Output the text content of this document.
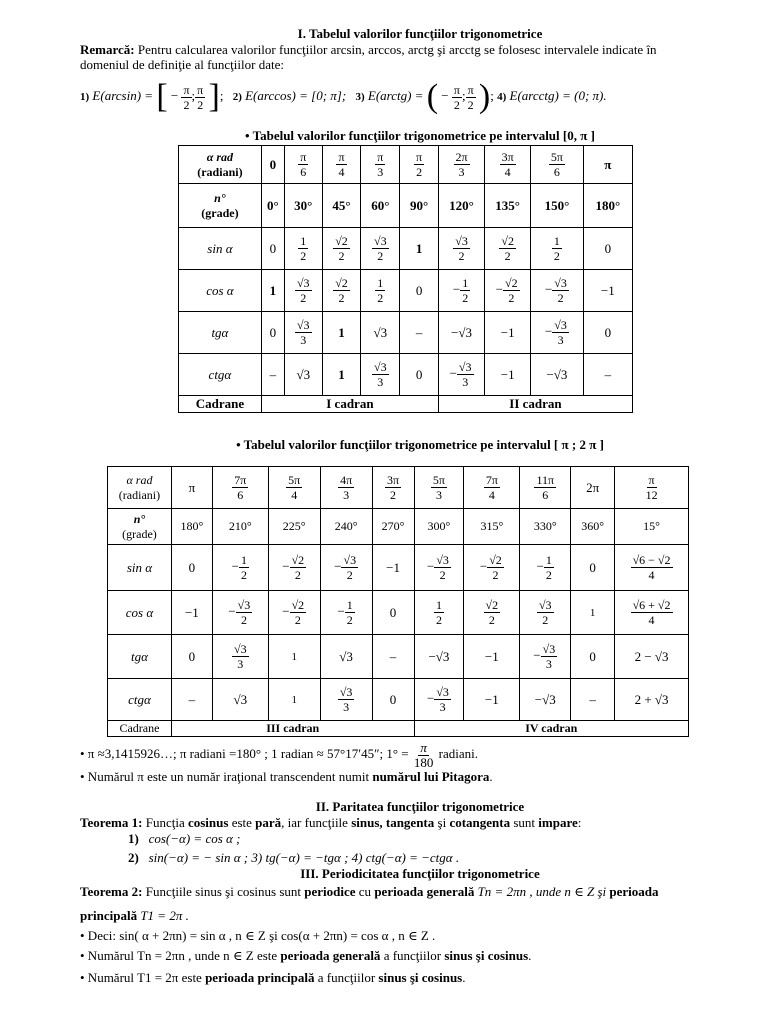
I. Tabelul valorilor funcţiilor trigonometrice
Remarcă: Pentru calcularea valorilor funcţiilor arcsin, arccos, arctg şi arcctg se folosesc intervalele indicate în
domeniul de definiţie al funcţiilor date:
1) E(arcsin) = [ − $\frac{\pi}{2}$ ; $\frac{\pi}{2}$ ]; 2) E(arccos) = [0; π]; 3) E(arctg) = ( − $\frac{\pi}{2}$ ; $\frac{\pi}{2}$ ); 4) E(arcctg) = (0; π).
• Tabelul valorilor funcţiilor trigonometrice pe intervalul [0, π ]
α rad
(radiani)	0	$\frac{\pi}{6}$	$\frac{\pi}{4}$	$\frac{\pi}{3}$	$\frac{\pi}{2}$	$\frac{2\pi}{3}$	$\frac{3\pi}{4}$	$\frac{5\pi}{6}$	π
n°
(grade)	0°	30°	45°	60°	90°	120°	135°	150°	180°
sin α	0	$\frac{1}{2}$	$\frac{√2}{2}$	$\frac{√3}{2}$	1	$\frac{√3}{2}$	$\frac{√2}{2}$	$\frac{1}{2}$	0
cos α	1	$\frac{√3}{2}$	$\frac{√2}{2}$	$\frac{1}{2}$	0	− $\frac{1}{2}$	− $\frac{√2}{2}$	− $\frac{√3}{2}$	−1
tgα	0	$\frac{√3}{3}$	1	√3	–	−√3	−1	− $\frac{√3}{3}$	0
ctgα	–	√3	1	$\frac{√3}{3}$	0	− $\frac{√3}{3}$	−1	−√3	–
Cadrane	I cadran					II cadran			
• Tabelul valorilor funcţiilor trigonometrice pe intervalul [ π ; 2 π ]
α rad
(radiani)	π	$\frac{7\pi}{6}$	$\frac{5\pi}{4}$	$\frac{4\pi}{3}$	$\frac{3\pi}{2}$	$\frac{5\pi}{3}$	$\frac{7\pi}{4}$	$\frac{11\pi}{6}$	2π	$\frac{\pi}{12}$

n°
(grade)	180°	210°	225°	240°	270°	300°	315°	330°	360°	15°
sin α	0	− $\frac{1}{2}$	− $\frac{√2}{2}$	− $\frac{√3}{2}$	−1	− $\frac{√3}{2}$	− $\frac{√2}{2}$	− $\frac{1}{2}$	0	$\frac{√6 - √2}{4}$

cos α	−1	− $\frac{√3}{2}$	− $\frac{√2}{2}$	− $\frac{1}{2}$	0	$\frac{1}{2}$	$\frac{√2}{2}$	$\frac{√3}{2}$	1	$\frac{√6 + √2}{4}$

tgα	0	$\frac{√3}{3}$	1	√3	–	−√3	−1	− $\frac{√3}{3}$	0	2 − √3
ctgα	–	√3	1	$\frac{√3}{3}$	0	− $\frac{√3}{3}$	−1	−√3	–	2 + √3
Cadrane	III cadran					IV cadran				
• π ≈3,1415926…; π radiani =180° ; 1 radian ≈ 57°17′45″; $1^\circ = \frac{\pi}{180}$ radiani.
• Numărul π este un număr iraţional transcendent numit numărul lui Pitagora.
II. Paritatea funcţiilor trigonometrice
Teorema 1: Funcţia cosinus este pară, iar funcţiile sinus, tangenta şi cotangenta sunt impare:
1) cos(−α) = cos α ;
2) sin(−α) = − sin α ; 3) tg(−α) = −tgα ; 4) ctg(−α) = −ctgα .
III. Periodicitatea funcţiilor trigonometrice
Teorema 2: Funcţiile sinus şi cosinus sunt periodice cu perioada generală Tn = 2πn , unde n ∈ Z şi perioada
principală T1 = 2π .
• Deci: sin( α + 2πn) = sin α , n ∈ Z şi cos(α + 2πn) = cos α , n ∈ Z .
• Numărul Tn = 2πn , unde n ∈ Z este perioada generală a funcţiilor sinus şi cosinus.
• Numărul T1 = 2π este perioada principală a funcţiilor sinus şi cosinus.
